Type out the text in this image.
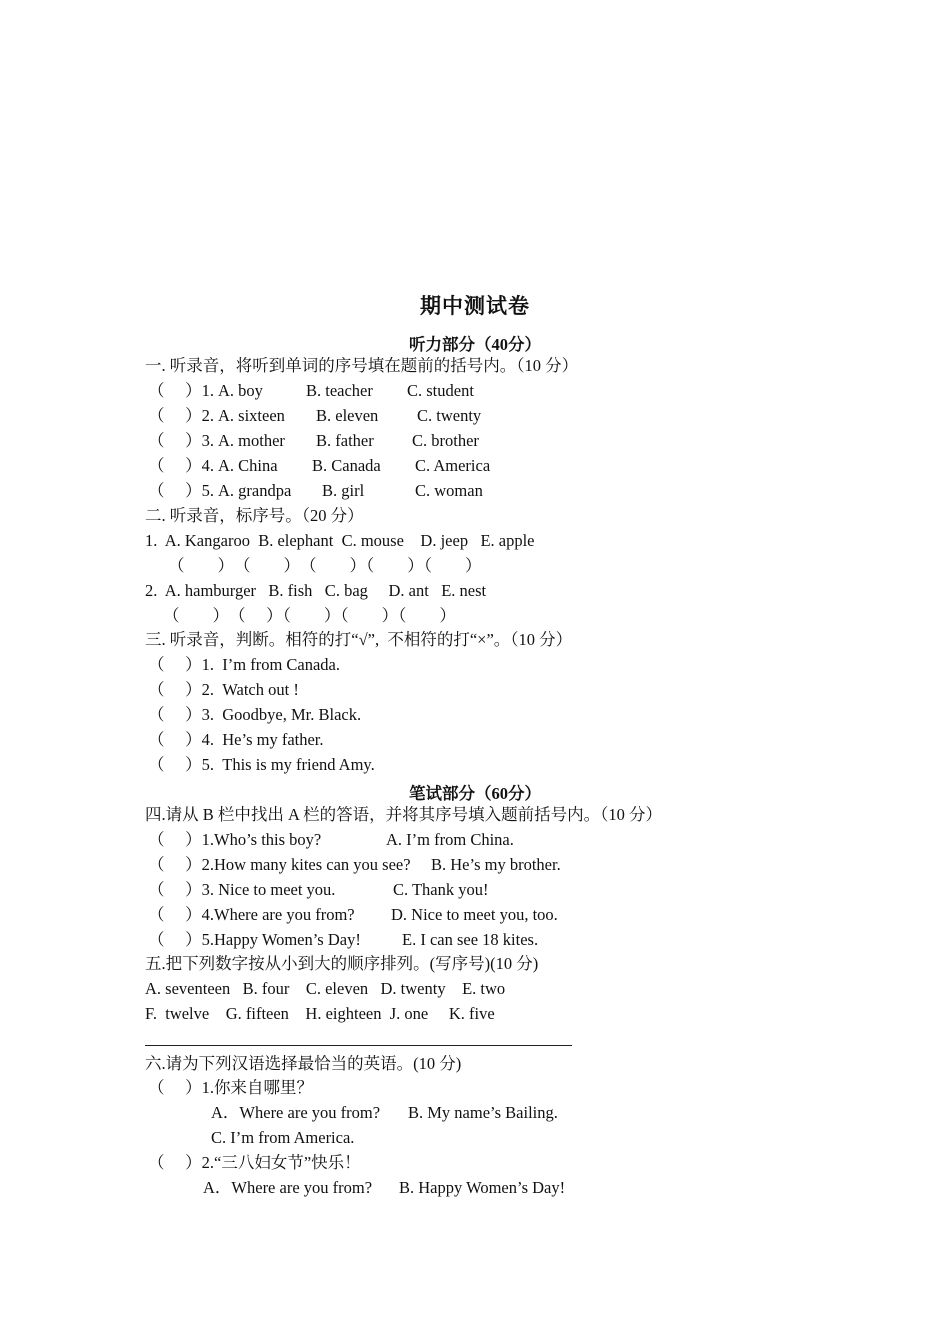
期中测试卷
听力部分（40分）
一. 听录音，将听到单词的序号填在题前的括号内。（10 分）
（　 ）1. A. boy	B. teacher C. student
（　 ）2. A. sixteen B. eleven C. twenty
（　 ）3. A. mother B. father C. brother
（　 ）4. A. China B. Canada C. America
（　 ）5. A. grandpa B. girl	C. woman
二. 听录音，标序号。（20 分）
1.  A. Kangaroo  B. elephant  C. mouse    D. jeep   E. apple
（　　）　（　　）　（　　）（　　）（　　）
2.  A. hamburger   B. fish   C. bag     D. ant   E. nest
（　　）　（　 ）（　　）（　　）（　　）
三. 听录音，判断。相符的打“√”,  不相符的打“×”。（10 分）
（　 ）1.  I’m from Canada.
（　 ）2.  Watch out !
（　 ）3.  Goodbye, Mr. Black.
（　 ）4.  He’s my father.
（　 ）5.  This is my friend Amy.
笔试部分（60分）
四.请从 B 栏中找出 A 栏的答语，并将其序号填入题前括号内。（10 分）
（　 ）1.Who’s this boy?	A. I’m from China.
（　 ）2.How many kites can you see? B. He’s my brother.
（　 ）3. Nice to meet you.	C. Thank you!
（　 ）4.Where are you from? D. Nice to meet you, too.
（　 ）5.Happy Women’s Day! E. I can see 18 kites.
五.把下列数字按从小到大的顺序排列。(写序号)(10 分)
A. seventeen   B. four    C. eleven   D. twenty    E. two
F.  twelve    G. fifteen    H. eighteen  J. one     K. five
六.请为下列汉语选择最恰当的英语。(10 分)
（　 ）1.你来自哪里？
A．Where are you from? B. My name’s Bailing.
C. I’m from America.
（　 ）2.“三八妇女节”快乐！
A．Where are you from? B. Happy Women’s Day!
